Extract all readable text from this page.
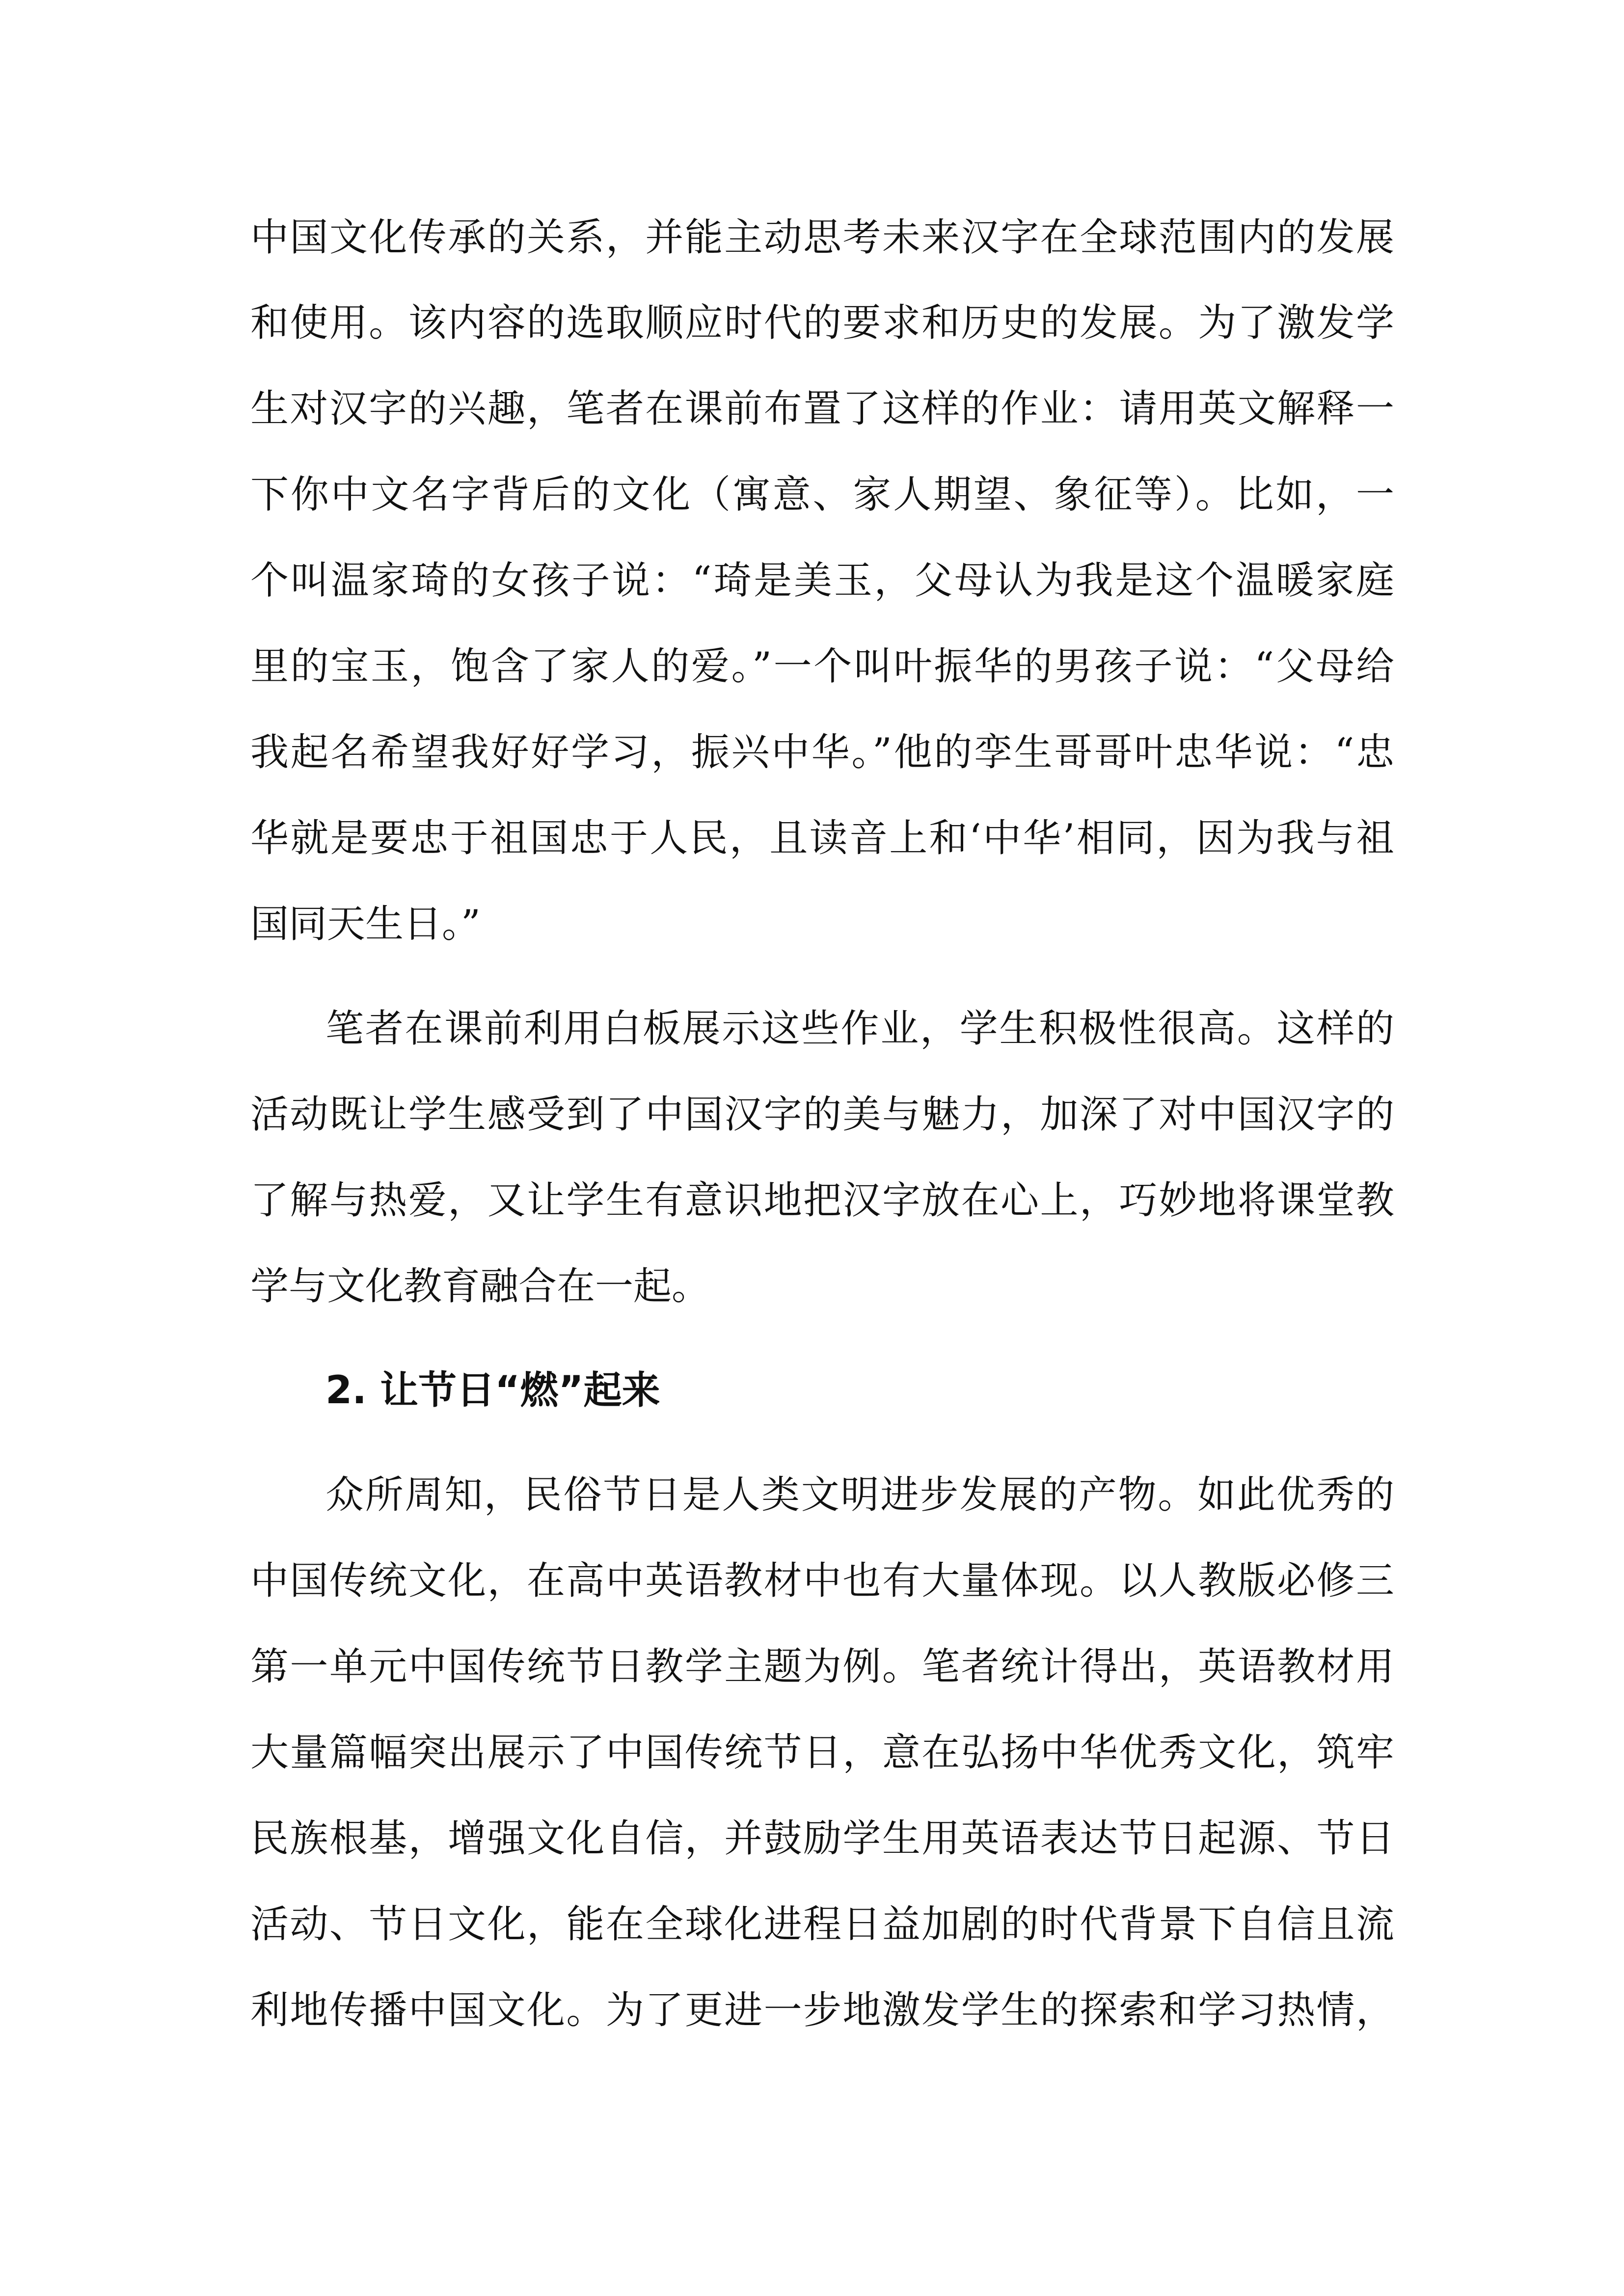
中国文化传承的关系，并能主动思考未来汉字在全球范围内的发展
和使用。该内容的选取顺应时代的要求和历史的发展。为了激发学
生对汉字的兴趣，笔者在课前布置了这样的作业：请用英文解释一
下你中文名字背后的文化（寓意、家人期望、象征等）。比如，一
个叫温家琦的女孩子说：“琦是美玉，父母认为我是这个温暖家庭
里的宝玉，饱含了家人的爱。”一个叫叶振华的男孩子说：“父母给
我起名希望我好好学习，振兴中华。”他的孪生哥哥叶忠华说：“忠
华就是要忠于祖国忠于人民，且读音上和‘中华’相同，因为我与祖
国同天生日。”
笔者在课前利用白板展示这些作业，学生积极性很高。这样的
活动既让学生感受到了中国汉字的美与魅力，加深了对中国汉字的
了解与热爱，又让学生有意识地把汉字放在心上，巧妙地将课堂教
学与文化教育融合在一起。
2. 让节日“燃”起来
众所周知，民俗节日是人类文明进步发展的产物。如此优秀的
中国传统文化，在高中英语教材中也有大量体现。以人教版必修三
第一单元中国传统节日教学主题为例。笔者统计得出，英语教材用
大量篇幅突出展示了中国传统节日，意在弘扬中华优秀文化，筑牢
民族根基，增强文化自信，并鼓励学生用英语表达节日起源、节日
活动、节日文化，能在全球化进程日益加剧的时代背景下自信且流
利地传播中国文化。为了更进一步地激发学生的探索和学习热情，
